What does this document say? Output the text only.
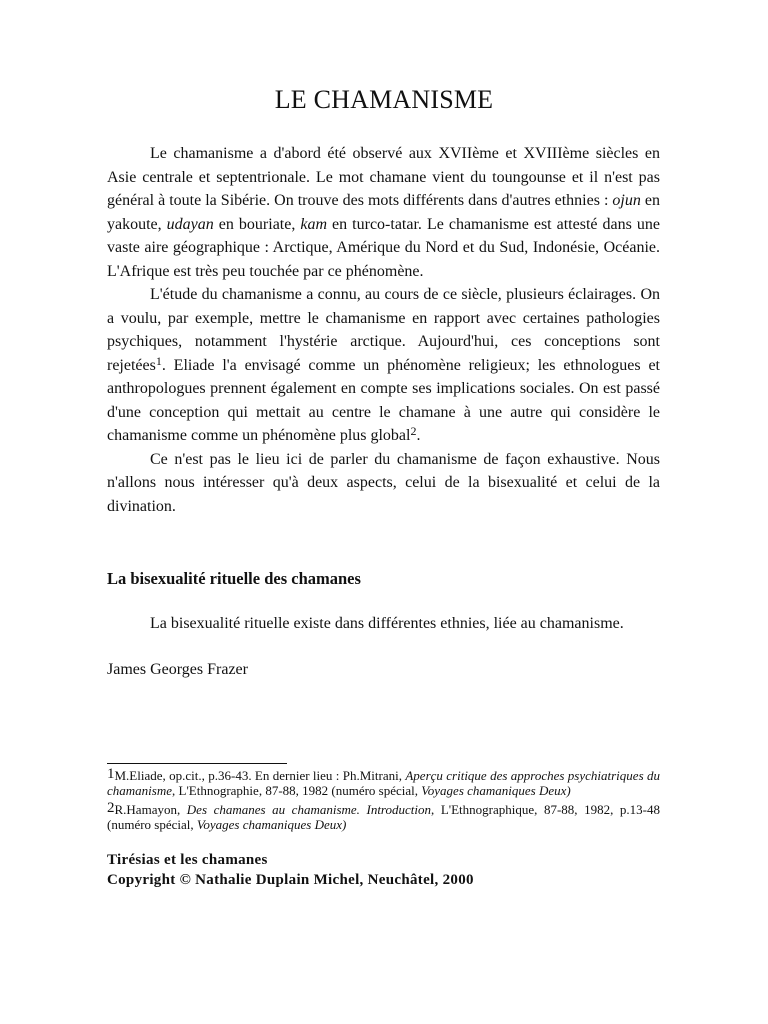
LE CHAMANISME

Le chamanisme a d'abord été observé aux XVIIème et XVIIIème siècles en Asie centrale et septentrionale. Le mot chamane vient du toungounse et il n'est pas général à toute la Sibérie. On trouve des mots différents dans d'autres ethnies : ojun en yakoute, udayan en bouriate, kam en turco-tatar. Le chamanisme est attesté dans une vaste aire géographique : Arctique, Amérique du Nord et du Sud, Indonésie, Océanie. L'Afrique est très peu touchée par ce phénomène.

L'étude du chamanisme a connu, au cours de ce siècle, plusieurs éclairages. On a voulu, par exemple, mettre le chamanisme en rapport avec certaines pathologies psychiques, notamment l'hystérie arctique. Aujourd'hui, ces conceptions sont rejetées$^1$. Eliade l'a envisagé comme un phénomène religieux; les ethnologues et anthropologues prennent également en compte ses implications sociales. On est passé d'une conception qui mettait au centre le chamane à une autre qui considère le chamanisme comme un phénomène plus global$^2$.

Ce n'est pas le lieu ici de parler du chamanisme de façon exhaustive. Nous n'allons nous intéresser qu'à deux aspects, celui de la bisexualité et celui de la divination.

La bisexualité rituelle des chamanes
La bisexualité rituelle existe dans différentes ethnies, liée au chamanisme.
James Georges Frazer

1M.Eliade, op.cit., p.36-43. En dernier lieu : Ph.Mitrani, Aperçu critique des approches psychiatriques du chamanisme, L'Ethnographie, 87-88, 1982 (numéro spécial, Voyages chamaniques Deux)

2R.Hamayon, Des chamanes au chamanisme. Introduction, L'Ethnographique, 87-88, 1982, p.13-48 (numéro spécial, Voyages chamaniques Deux)

Tirésias et les chamanes
Copyright © Nathalie Duplain Michel, Neuchâtel, 2000
